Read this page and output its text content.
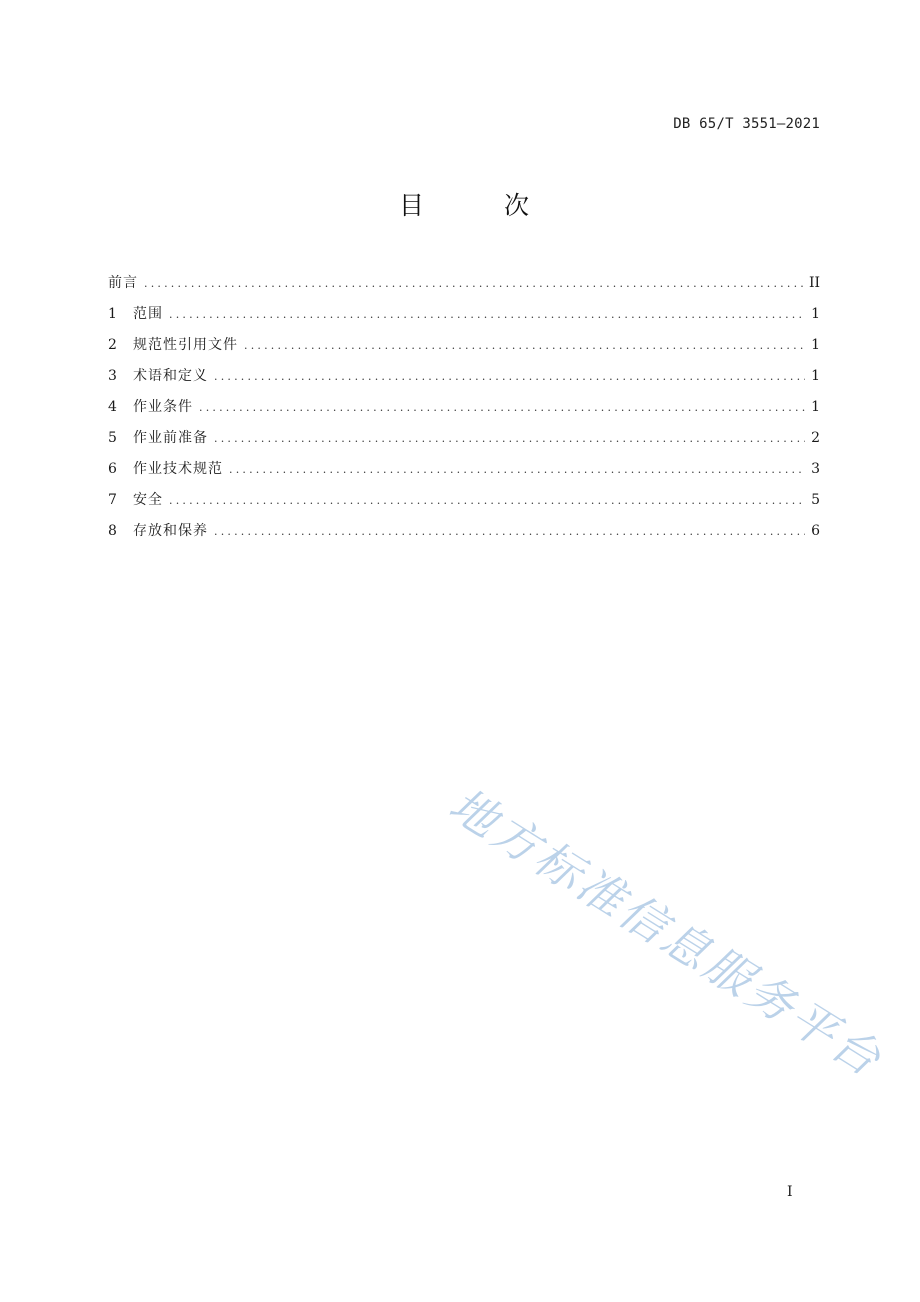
DB 65/T 3551—2021
目 次
前言 .....	II
1	范围 .....	1
2	规范性引用文件 .....	1
3	术语和定义 .....	1
4	作业条件 .....	1
5	作业前准备 .....	2
6	作业技术规范 .....	3
7	安全 .....	5
8	存放和保养 .....	6
地方标准信息服务平台
I
